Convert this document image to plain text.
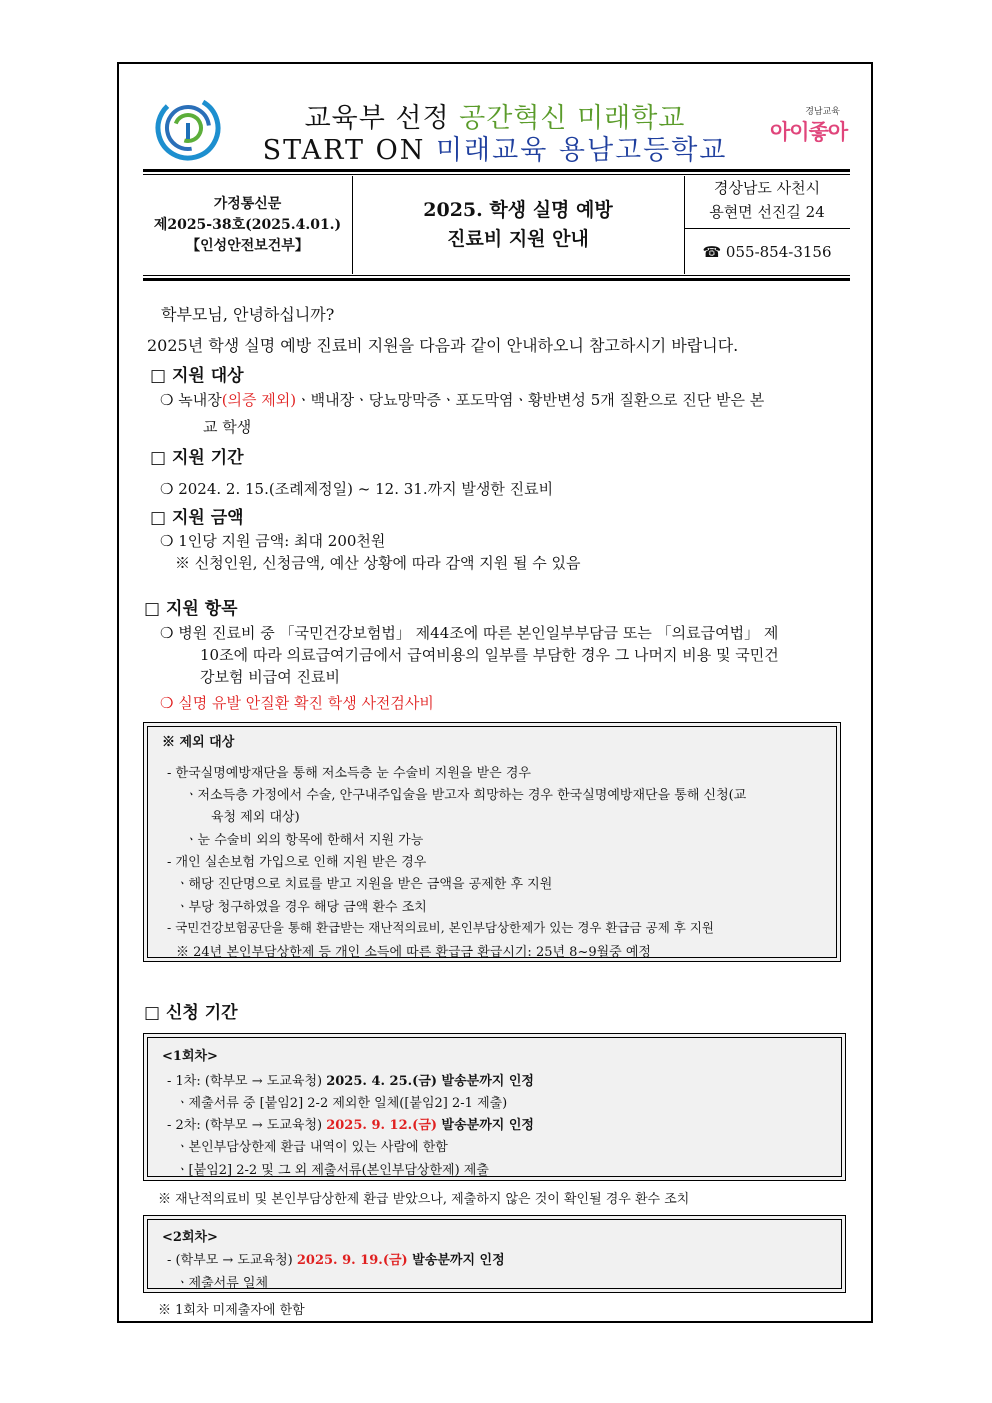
교육부 선정 공간혁신 미래학교
START ON 미래교육 용남고등학교
경남교육
아이좋아
가정통신문
제2025-38호(2025.4.01.)
【인성안전보건부】
2025. 학생 실명 예방
진료비 지원 안내
경상남도 사천시
용현면 선진길 24
☎ 055-854-3156
학부모님, 안녕하십니까?
2025년 학생 실명 예방 진료비 지원을 다음과 같이 안내하오니 참고하시기 바랍니다.
□ 지원 대상
❍ 녹내장(의증 제외)ㆍ백내장ㆍ당뇨망막증ㆍ포도막염ㆍ황반변성 5개 질환으로 진단 받은 본
교 학생
□ 지원 기간
❍ 2024. 2. 15.(조례제정일) ~ 12. 31.까지 발생한 진료비
□ 지원 금액
❍ 1인당 지원 금액: 최대 200천원
※ 신청인원, 신청금액, 예산 상황에 따라 감액 지원 될 수 있음
□ 지원 항목
❍ 병원 진료비 중 「국민건강보험법」 제44조에 따른 본인일부부담금 또는 「의료급여법」 제
10조에 따라 의료급여기금에서 급여비용의 일부를 부담한 경우 그 나머지 비용 및 국민건
강보험 비급여 진료비
❍ 실명 유발 안질환 확진 학생 사전검사비
※ 제외 대상
- 한국실명예방재단을 통해 저소득층 눈 수술비 지원을 받은 경우
ㆍ저소득층 가정에서 수술, 안구내주입술을 받고자 희망하는 경우 한국실명예방재단을 통해 신청(교
육청 제외 대상)
ㆍ눈 수술비 외의 항목에 한해서 지원 가능
- 개인 실손보험 가입으로 인해 지원 받은 경우
ㆍ해당 진단명으로 치료를 받고 지원을 받은 금액을 공제한 후 지원
ㆍ부당 청구하였을 경우 해당 금액 환수 조치
- 국민건강보험공단을 통해 환급받는 재난적의료비, 본인부담상한제가 있는 경우 환급금 공제 후 지원
※ 24년 본인부담상한제 등 개인 소득에 따른 환급금 환급시기: 25년 8~9월중 예정
□ 신청 기간
<1회차>
- 1차: (학부모 → 도교육청) 2025. 4. 25.(금) 발송분까지 인정
ㆍ제출서류 중 [붙임2] 2-2 제외한 일체([붙임2] 2-1 제출)
- 2차: (학부모 → 도교육청) 2025. 9. 12.(금) 발송분까지 인정
ㆍ본인부담상한제 환급 내역이 있는 사람에 한함
ㆍ[붙임2] 2-2 및 그 외 제출서류(본인부담상한제) 제출
※ 재난적의료비 및 본인부담상한제 환급 받았으나, 제출하지 않은 것이 확인될 경우 환수 조치
<2회차>
- (학부모 → 도교육청) 2025. 9. 19.(금) 발송분까지 인정
ㆍ제출서류 일체
※ 1회차 미제출자에 한함
